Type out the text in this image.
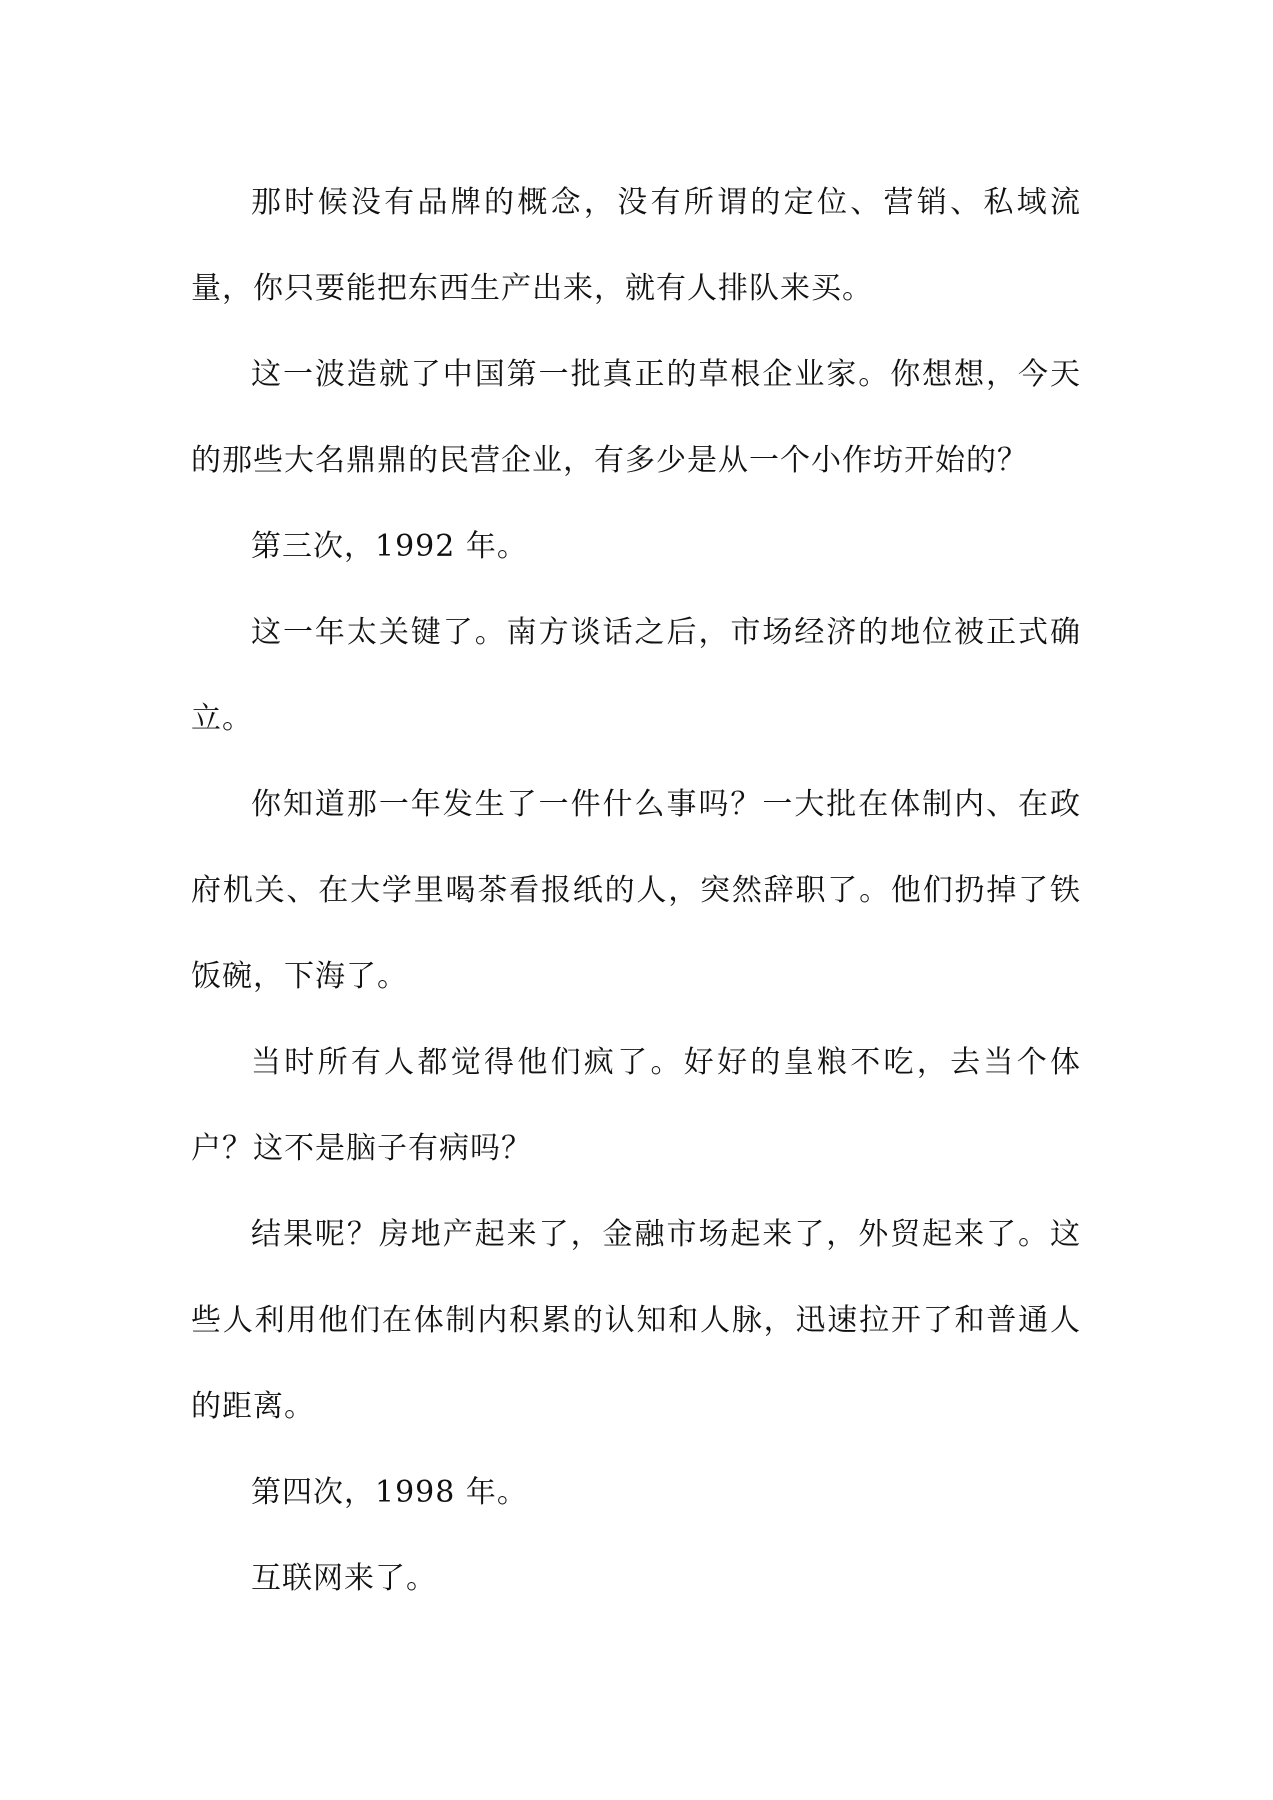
那时候没有品牌的概念，没有所谓的定位、营销、私域流量，你只要能把东西生产出来，就有人排队来买。

这一波造就了中国第一批真正的草根企业家。你想想，今天的那些大名鼎鼎的民营企业，有多少是从一个小作坊开始的？

第三次，1992 年。

这一年太关键了。南方谈话之后，市场经济的地位被正式确立。

你知道那一年发生了一件什么事吗？一大批在体制内、在政府机关、在大学里喝茶看报纸的人，突然辞职了。他们扔掉了铁饭碗，下海了。

当时所有人都觉得他们疯了。好好的皇粮不吃，去当个体户？这不是脑子有病吗？

结果呢？房地产起来了，金融市场起来了，外贸起来了。这些人利用他们在体制内积累的认知和人脉，迅速拉开了和普通人的距离。

第四次，1998 年。

互联网来了。
